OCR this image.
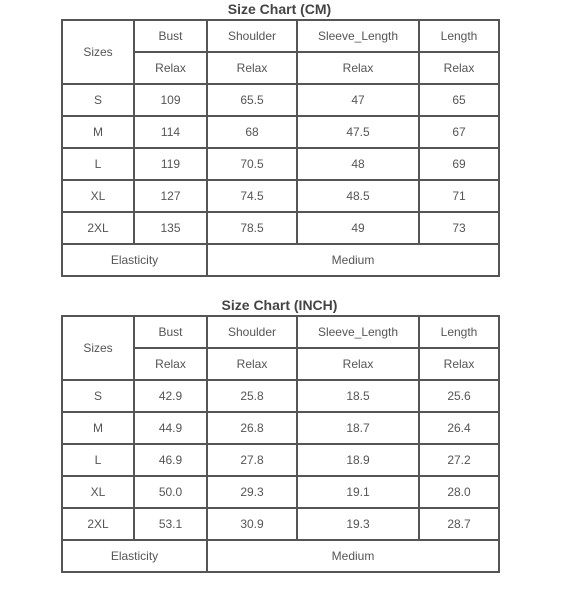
Size Chart (CM)
Sizes	Bust	Shoulder	Sleeve_Length	Length
	Relax	Relax	Relax	Relax
S	109	65.5	47	65
M	114	68	47.5	67
L	119	70.5	48	69
XL	127	74.5	48.5	71
2XL	135	78.5	49	73
Elasticity		Medium		
Size Chart (INCH)
Sizes	Bust	Shoulder	Sleeve_Length	Length
	Relax	Relax	Relax	Relax
S	42.9	25.8	18.5	25.6
M	44.9	26.8	18.7	26.4
L	46.9	27.8	18.9	27.2
XL	50.0	29.3	19.1	28.0
2XL	53.1	30.9	19.3	28.7
Elasticity		Medium		
